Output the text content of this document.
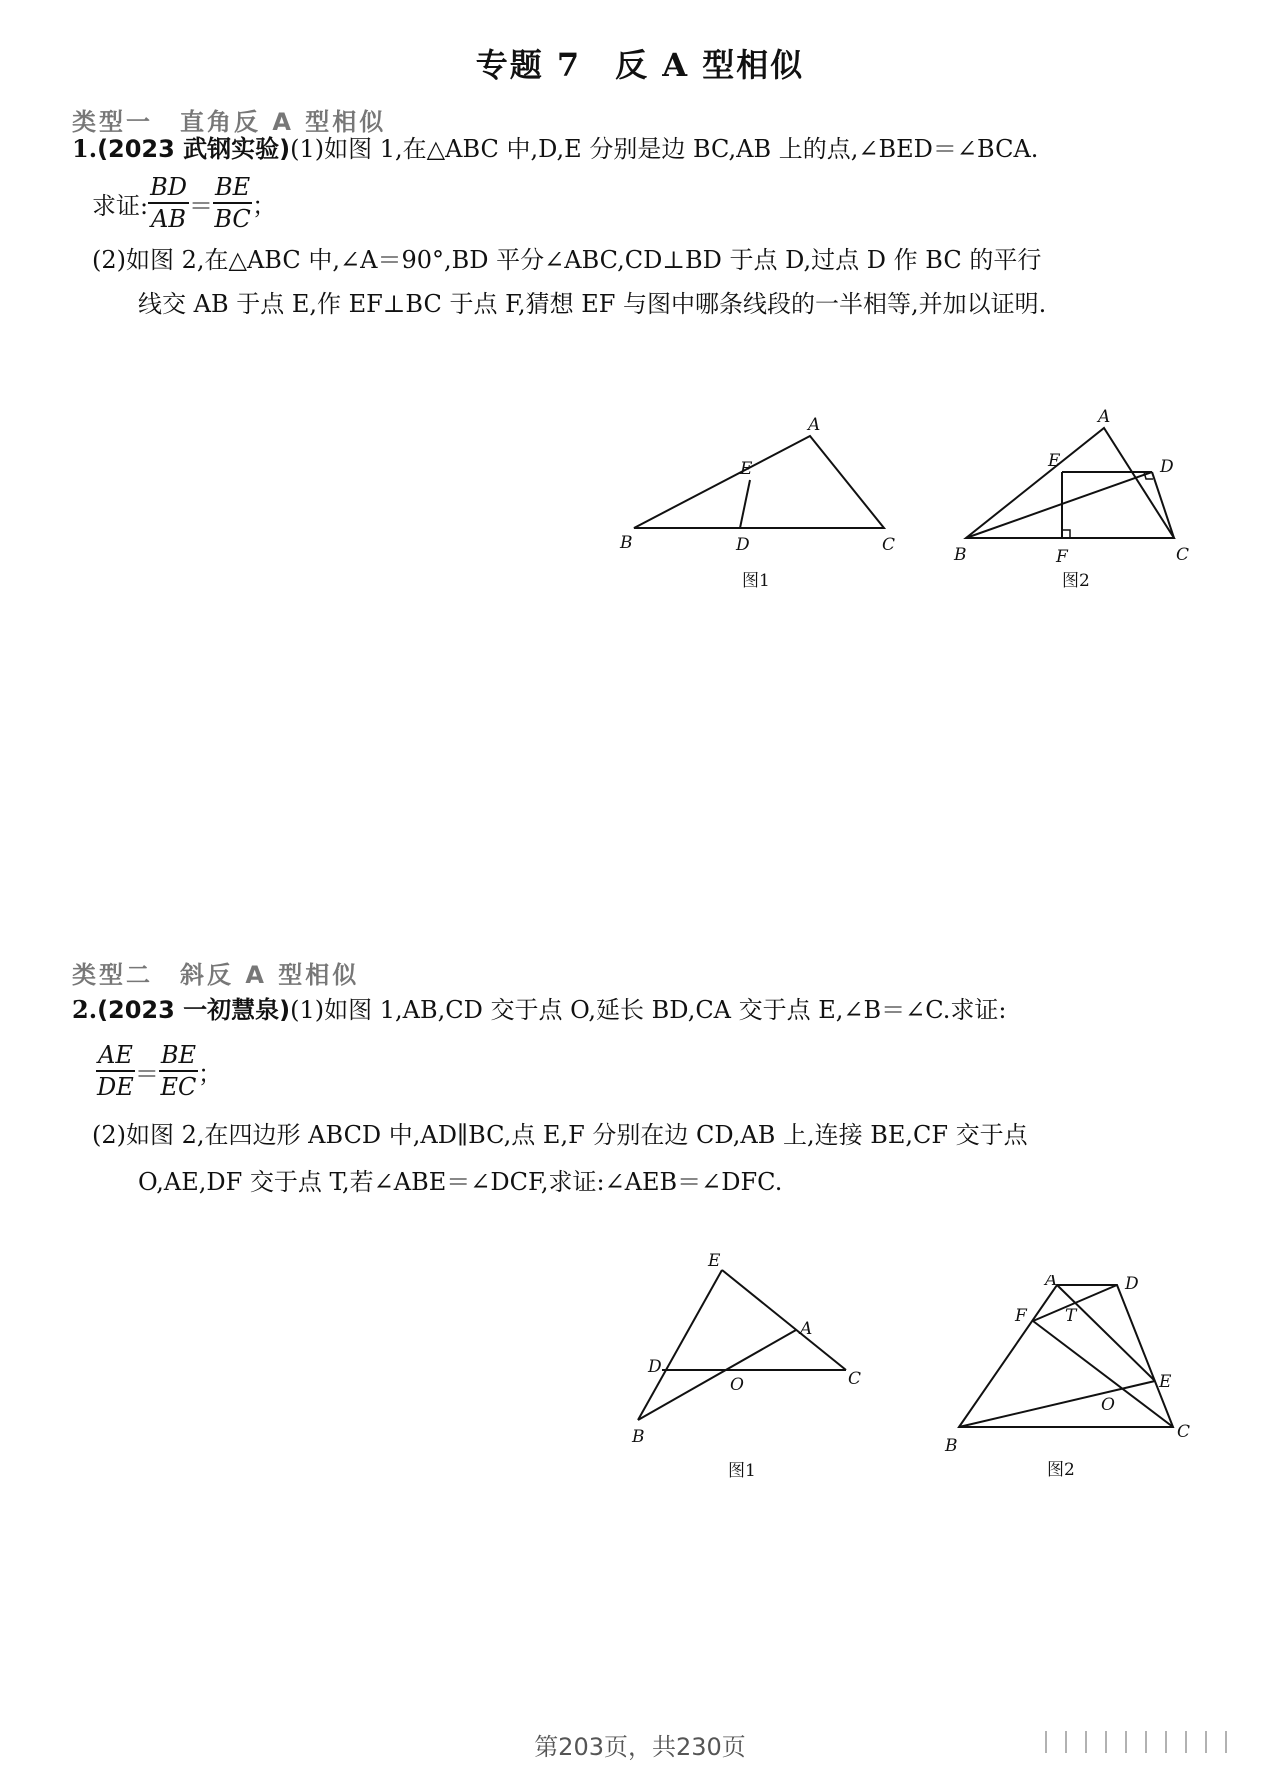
专题 7　反 A 型相似
类型一　直角反 A 型相似
1.(2023 武钢实验)(1)如图 1,在△ABC 中,D,E 分别是边 BC,AB 上的点,∠BED＝∠BCA.
求证: $\frac{BD}{AB} = \frac{BE}{BC}$ ；
(2)如图 2,在△ABC 中,∠A＝90°,BD 平分∠ABC,CD⊥BD 于点 D,过点 D 作 BC 的平行
线交 AB 于点 E,作 EF⊥BC 于点 F,猜想 EF 与图中哪条线段的一半相等,并加以证明.
A
B	C
D
E
图1
A
B	C
D
E
F
图2
类型二　斜反 A 型相似
2.(2023 一初慧泉)(1)如图 1,AB,CD 交于点 O,延长 BD,CA 交于点 E,∠B＝∠C.求证:
$\frac{AE}{DE} = \frac{BE}{EC}$ ；
(2)如图 2,在四边形 ABCD 中,AD∥BC,点 E,F 分别在边 CD,AB 上,连接 BE,CF 交于点
O,AE,DF 交于点 T,若∠ABE＝∠DCF,求证:∠AEB＝∠DFC.
E
A
D
O	C
B
图1
A	D
F T
E
O
B
C
图2
第203页，共230页
